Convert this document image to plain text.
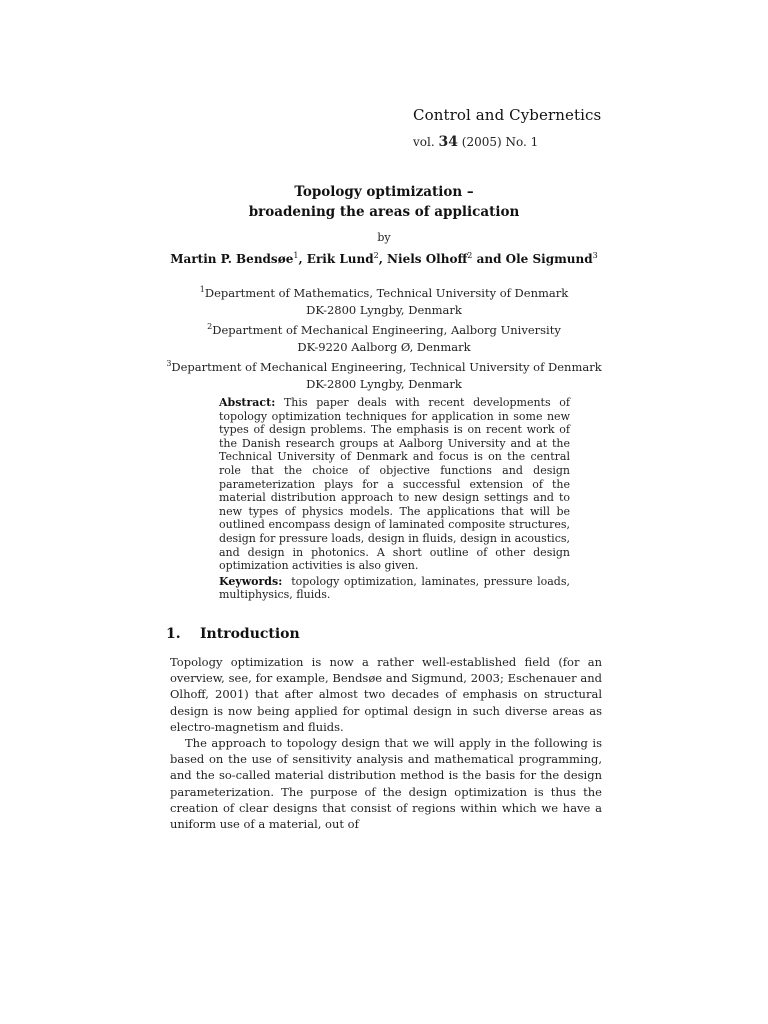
Control and Cybernetics
vol. 34 (2005) No. 1
Topology optimization –
broadening the areas of application
by
Martin P. Bendsøe$^1$, Erik Lund$^2$, Niels Olhoff$^2$ and Ole Sigmund$^3$
$^1$Department of Mathematics, Technical University of Denmark
DK-2800 Lyngby, Denmark
$^2$Department of Mechanical Engineering, Aalborg University
DK-9220 Aalborg Ø, Denmark
$^3$Department of Mechanical Engineering, Technical University of Denmark
DK-2800 Lyngby, Denmark

Abstract: This paper deals with recent developments of topology optimization techniques for application in some new types of design problems. The emphasis is on recent work of the Danish research groups at Aalborg University and at the Technical University of Denmark and focus is on the central role that the choice of objective functions and design parameterization plays for a successful extension of the material distribution approach to new design settings and to new types of physics models. The applications that will be outlined encompass design of laminated composite structures, design for pressure loads, design in fluids, design in acoustics, and design in photonics. A short outline of other design optimization activities is also given.

Keywords: topology optimization, laminates, pressure loads, multiphysics, fluids.

1. Introduction

Topology optimization is now a rather well-established field (for an overview, see, for example, Bendsøe and Sigmund, 2003; Eschenauer and Olhoff, 2001) that after almost two decades of emphasis on structural design is now being applied for optimal design in such diverse areas as electro-magnetism and fluids.

The approach to topology design that we will apply in the following is based on the use of sensitivity analysis and mathematical programming, and the so-called material distribution method is the basis for the design parameterization. The purpose of the design optimization is thus the creation of clear designs that consist of regions within which we have a uniform use of a material, out of
